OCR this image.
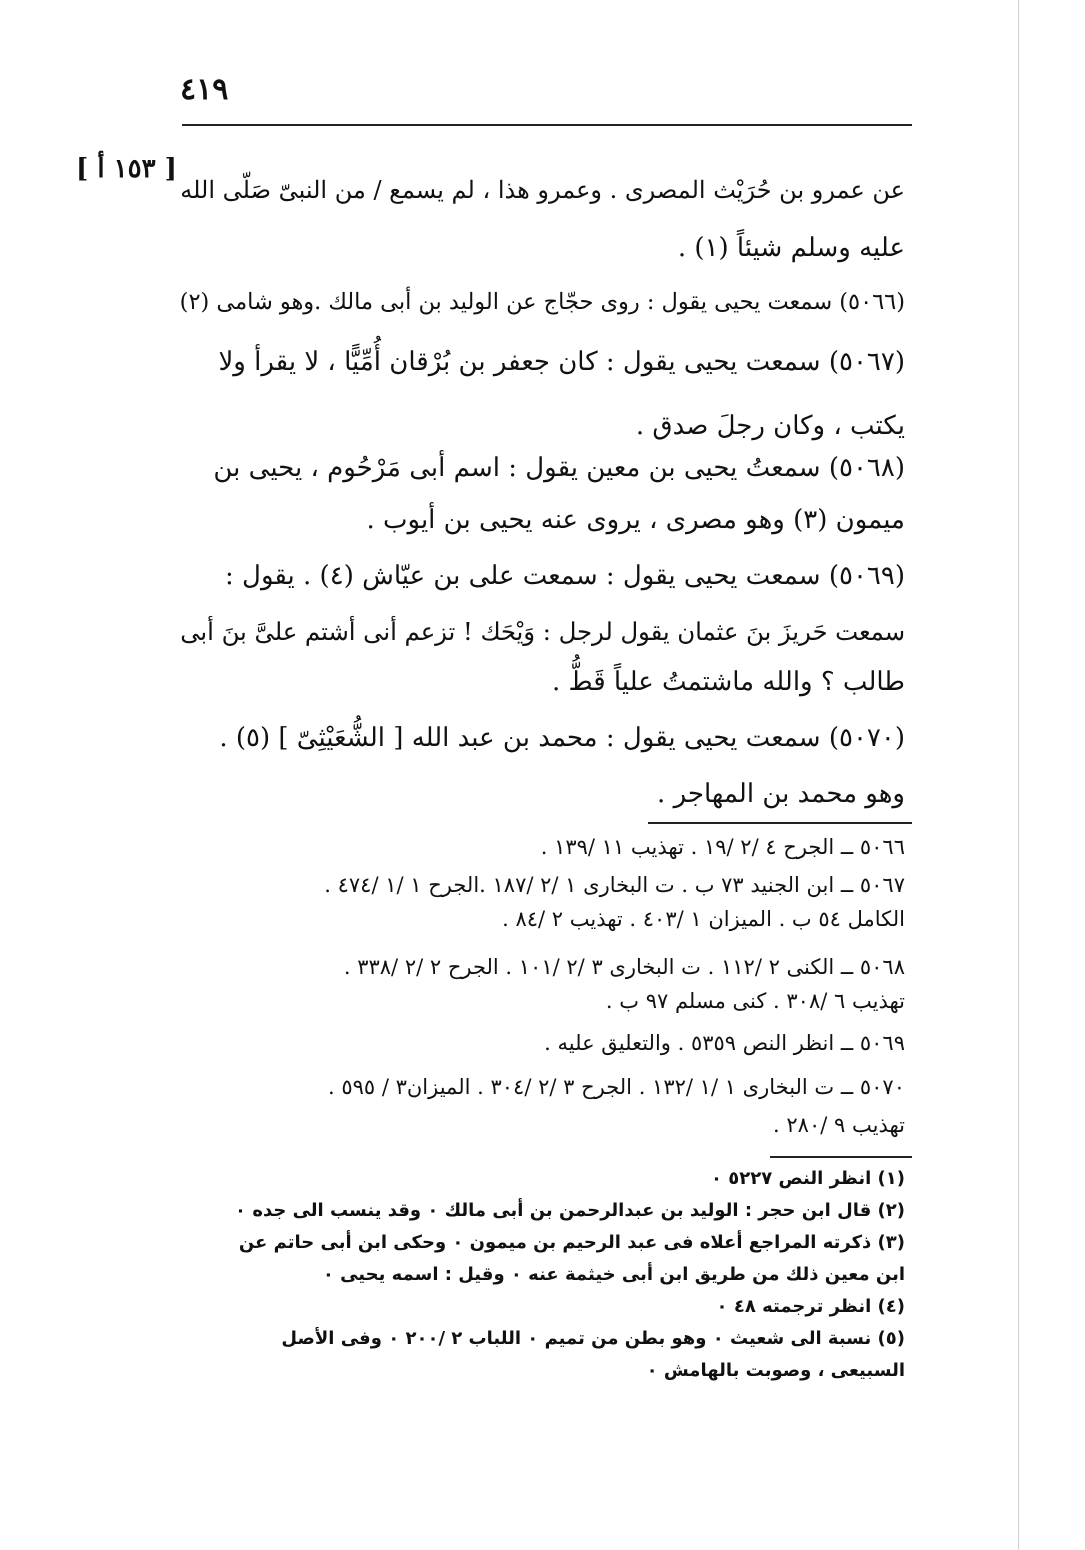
٤١٩
[ ١٥٣ أ ]
عن عمرو بن حُرَيْث المصرى . وعمرو هذا ، لم يسمع / من النبىّ صَلّى الله
عليه وسلم شيئاً (١) .
(٥٠٦٦) سمعت يحيى يقول : روى حجّاج عن الوليد بن أبى مالك .وهو شامى (٢)
(٥٠٦٧) سمعت يحيى يقول : كان جعفر بن بُرْقان أُمِّيًّا ، لا يقرأ ولا
يكتب ، وكان رجلَ صدق .
(٥٠٦٨) سمعتُ يحيى بن معين يقول : اسم أبى مَرْحُوم ، يحيى بن
ميمون (٣) وهو مصرى ، يروى عنه يحيى بن أيوب .
(٥٠٦٩) سمعت يحيى يقول : سمعت على بن عيّاش (٤) . يقول :
سمعت حَريزَ بنَ عثمان يقول لرجل : وَيْحَك ! تزعم أنى أشتم علىَّ بنَ أبى
طالب ؟ والله ماشتمتُ علياً قَطُّ .
(٥٠٧٠) سمعت يحيى يقول : محمد بن عبد الله [ الشُّعَيْثِىّ ] (٥) .
وهو محمد بن المهاجر .
٥٠٦٦ ــ الجرح ٤ /٢ /١٩ . تهذيب ١١ /١٣٩ .
٥٠٦٧ ــ ابن الجنيد ٧٣ ب . ت البخارى ١ /٢ /١٨٧ .الجرح ١ /١ /٤٧٤ .
الكامل ٥٤ ب . الميزان ١ /٤٠٣ . تهذيب ٢ /٨٤ .
٥٠٦٨ ــ الكنى ٢ /١١٢ . ت البخارى ٣ /٢ /١٠١ . الجرح ٢ /٢ /٣٣٨ .
تهذيب ٦ /٣٠٨ . كنى مسلم ٩٧ ب .
٥٠٦٩ ــ انظر النص ٥٣٥٩ . والتعليق عليه .
٥٠٧٠ ــ ت البخارى ١ /١ /١٣٢ . الجرح ٣ /٢ /٣٠٤ . الميزان٣ / ٥٩٥ .
تهذيب ٩ /٢٨٠ .
(١) انظر النص ٥٢٢٧ ٠
(٢) قال ابن حجر : الوليد بن عبدالرحمن بن أبى مالك ٠ وقد ينسب الى جده ٠
(٣) ذكرته المراجع أعلاه فى عبد الرحيم بن ميمون ٠ وحكى ابن أبى حاتم عن
ابن معين ذلك من طريق ابن أبى خيثمة عنه ٠ وقيل : اسمه يحيى ٠
(٤) انظر ترجمته ٤٨ ٠
(٥) نسبة الى شعيث ٠ وهو بطن من تميم ٠ اللباب ٢ /٢٠٠ ٠ وفى الأصل
السبيعى ، وصوبت بالهامش ٠
